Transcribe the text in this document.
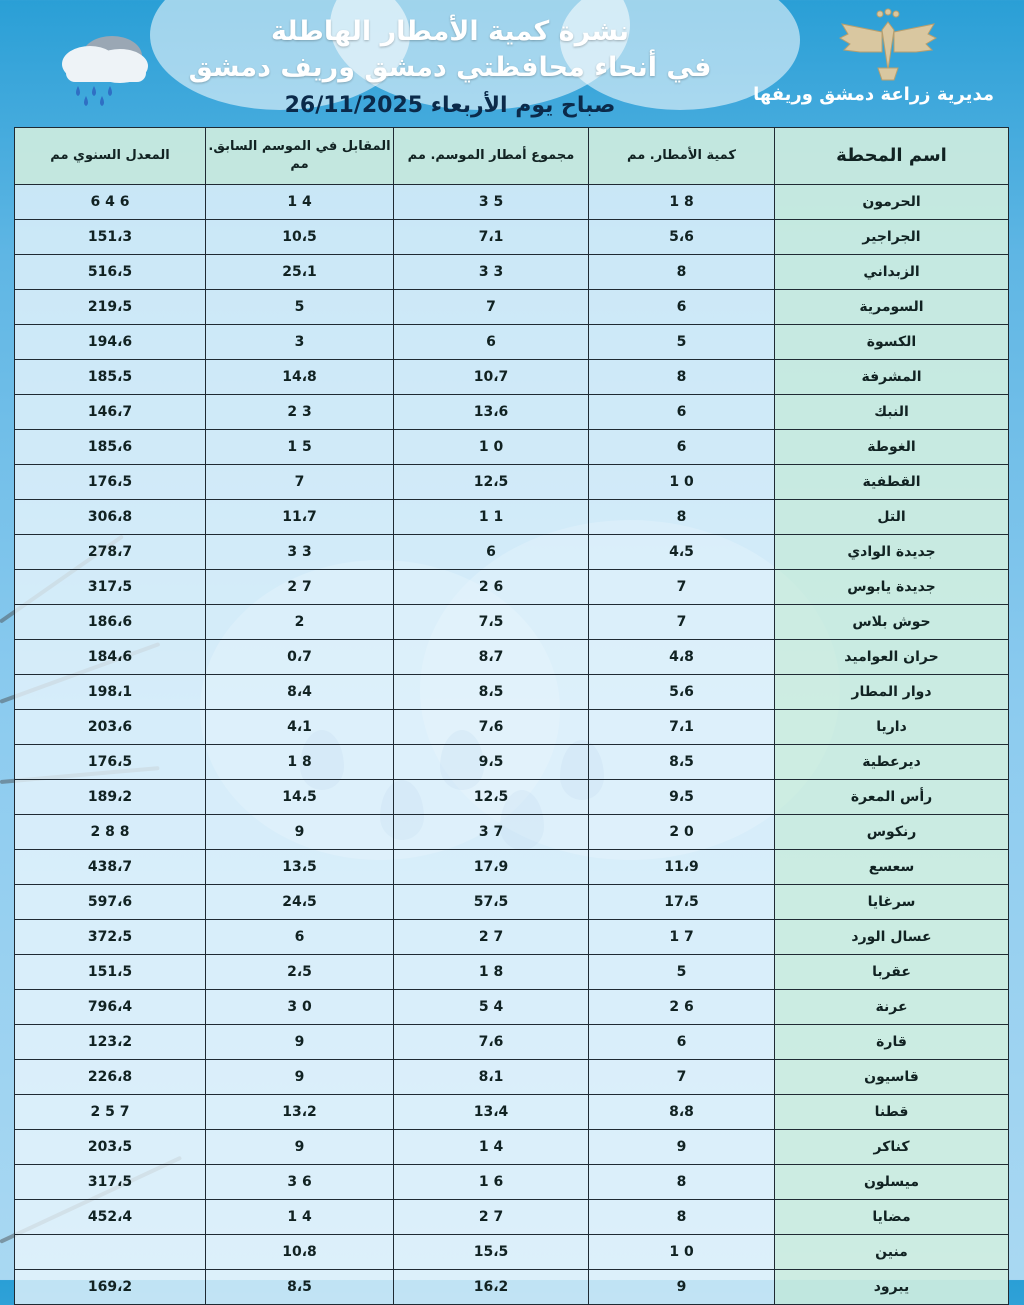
نشرة كمية الأمطار الهاطلة
في أنحاء محافظتي دمشق وريف دمشق
صباح يوم الأربعاء 26/11/2025	مديرية زراعة دمشق وريفها
اسم المحطة	كمية الأمطار. مم	مجموع أمطار الموسم. مم	المقابل في الموسم السابق. مم	المعدل السنوي مم
الحرمون	8 1	5 3	4 1	6 4 6
الجراجير	5،6	7،1	10،5	151،3
الزبداني	8	3 3	25،1	516،5
السومرية	6	7	5	219،5
الكسوة	5	6	3	194،6
المشرفة	8	10،7	14،8	185،5
النبك	6	13،6	3 2	146،7
الغوطة	6	0 1	5 1	185،6
القطفية	0 1	12،5	7	176،5
التل	8	1 1	11،7	306،8
جديدة الوادي	4،5	6	3 3	278،7
جديدة يابوس	7	6 2	7 2	317،5
حوش بلاس	7	7،5	2	186،6
حران العواميد	4،8	8،7	0،7	184،6
دوار المطار	5،6	8،5	8،4	198،1
داريا	7،1	7،6	4،1	203،6
ديرعطية	8،5	9،5	8 1	176،5
رأس المعرة	9،5	12،5	14،5	189،2
رنكوس	0 2	7 3	9	8 8 2
سعسع	11،9	17،9	13،5	438،7
سرغايا	17،5	57،5	24،5	597،6
عسال الورد	7 1	7 2	6	372،5
عقربا	5	8 1	2،5	151،5
عرنة	6 2	4 5	0 3	796،4
قارة	6	7،6	9	123،2
قاسيون	7	8،1	9	226،8
قطنا	8،8	13،4	13،2	7 5 2
كناكر	9	4 1	9	203،5
ميسلون	8	6 1	6 3	317،5
مضايا	8	7 2	4 1	452،4
منين	0 1	15،5	10،8	
يبرود	9	16،2	8،5	169،2
